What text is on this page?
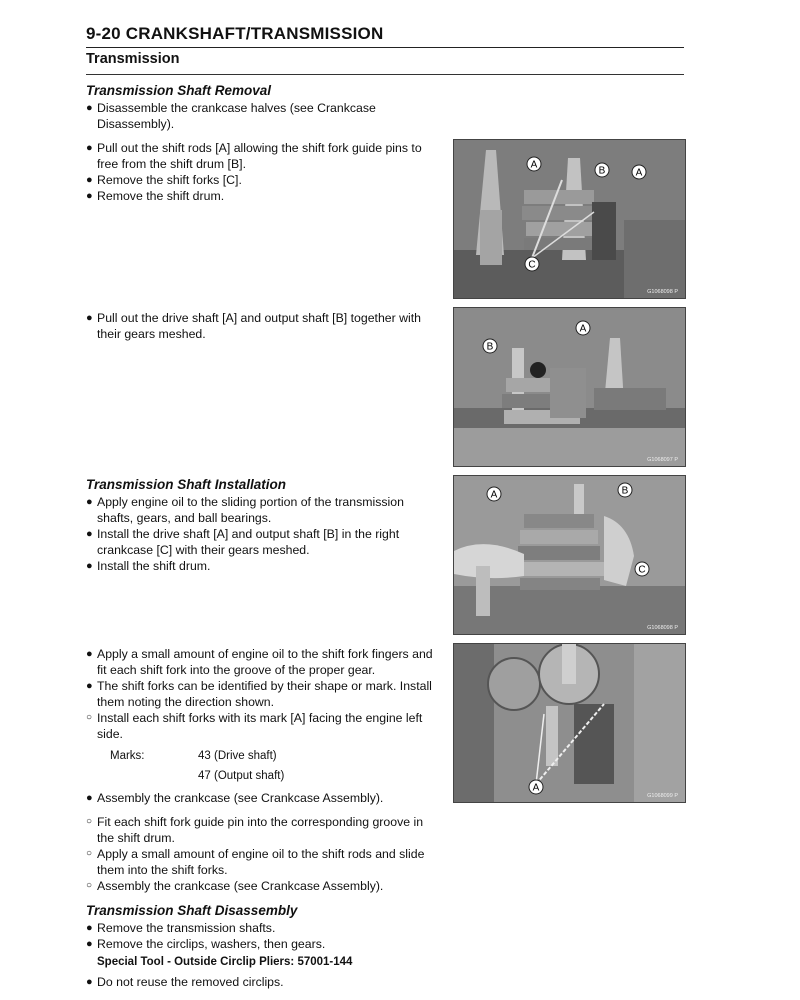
9-20 CRANKSHAFT/TRANSMISSION
Transmission
Transmission Shaft Removal
● Disassemble the crankcase halves (see Crankcase Disassembly).
● Pull out the shift rods [A] allowing the shift fork guide pins to free from the shift drum [B].
● Remove the shift forks [C].
● Remove the shift drum.
● Pull out the drive shaft [A] and output shaft [B] together with their gears meshed.
Transmission Shaft Installation
● Apply engine oil to the sliding portion of the transmission shafts, gears, and ball bearings.
● Install the drive shaft [A] and output shaft [B] in the right crankcase [C] with their gears meshed.
● Install the shift drum.
● Apply a small amount of engine oil to the shift fork fingers and fit each shift fork into the groove of the proper gear.
● The shift forks can be identified by their shape or mark. Install them noting the direction shown.
○ Install each shift forks with its mark [A] facing the engine left side.
Marks:	43 (Drive shaft)
47 (Output shaft)
● Assembly the crankcase (see Crankcase Assembly).
○ Fit each shift fork guide pin into the corresponding groove in the shift drum.
○ Apply a small amount of engine oil to the shift rods and slide them into the shift forks.
○ Assembly the crankcase (see Crankcase Assembly).
Transmission Shaft Disassembly
● Remove the transmission shafts.
● Remove the circlips, washers, then gears.
Special Tool - Outside Circlip Pliers: 57001-144
● Do not reuse the removed circlips.
A
B	A
C
G1068098 P
B
A
G1068097 P
A	B
C
G1068098 P
A
G1068099 P
